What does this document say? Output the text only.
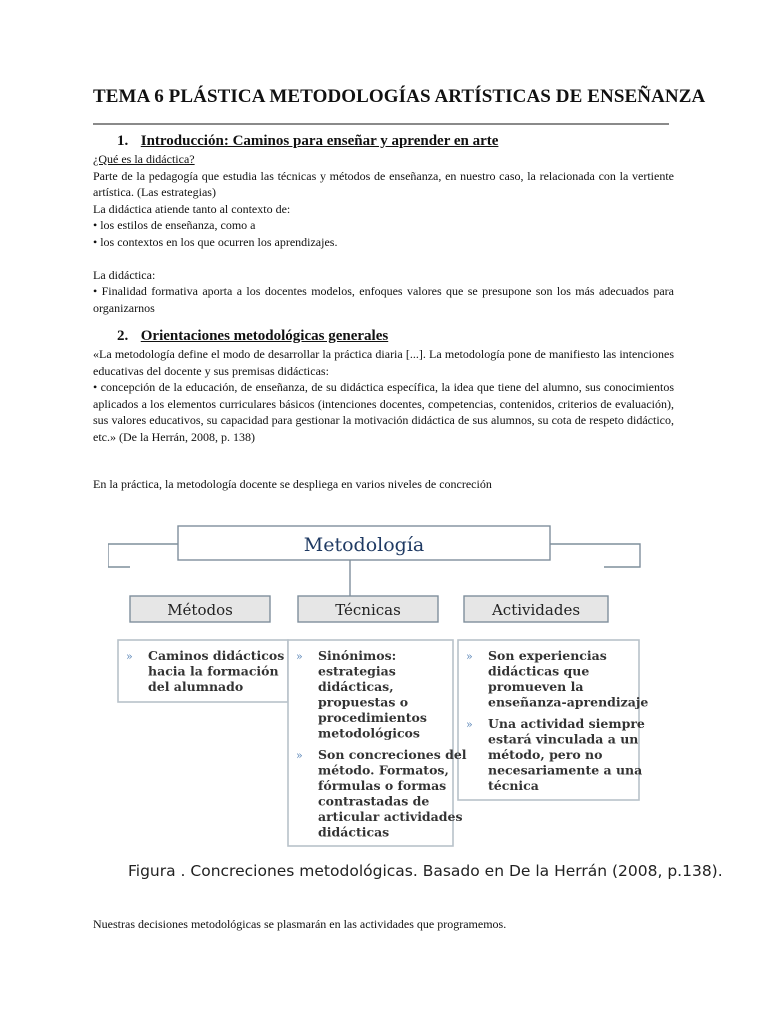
TEMA 6 PLÁSTICA METODOLOGÍAS ARTÍSTICAS DE ENSEÑANZA
1. Introducción: Caminos para enseñar y aprender en arte

¿Qué es la didáctica?

Parte de la pedagogía que estudia las técnicas y métodos de enseñanza, en nuestro caso, la relacionada con la vertiente artística. (Las estrategias)

La didáctica atiende tanto al contexto de:

• los estilos de enseñanza, como a

• los contextos en los que ocurren los aprendizajes.

La didáctica:

• Finalidad formativa aporta a los docentes modelos, enfoques valores que se presupone son los más adecuados para organizarnos

2. Orientaciones metodológicas generales

«La metodología define el modo de desarrollar la práctica diaria [...]. La metodología pone de manifiesto las intenciones educativas del docente y sus premisas didácticas:

• concepción de la educación, de enseñanza, de su didáctica específica, la idea que tiene del alumno, sus conocimientos aplicados a los elementos curriculares básicos (intenciones docentes, competencias, contenidos, criterios de evaluación), sus valores educativos, su capacidad para gestionar la motivación didáctica de sus alumnos, su cota de respeto didáctico, etc.» (De la Herrán, 2008, p. 138)

En la práctica, la metodología docente se despliega en varios niveles de concreción
Metodología
Métodos	Técnicas	Actividades
» Caminos didácticos
hacia la formación
del alumnado
» Sinónimos:
estrategias
didácticas,
propuestas o
procedimientos
metodológicos
» Son concreciones del
método. Formatos,
fórmulas o formas
contrastadas de
articular actividades
didácticas
» Son experiencias
didácticas que
promueven la
enseñanza-aprendizaje
» Una actividad siempre
estará vinculada a un
método, pero no
necesariamente a una
técnica
Figura . Concreciones metodológicas. Basado en De la Herrán (2008, p.138).
Nuestras decisiones metodológicas se plasmarán en las actividades que programemos.
